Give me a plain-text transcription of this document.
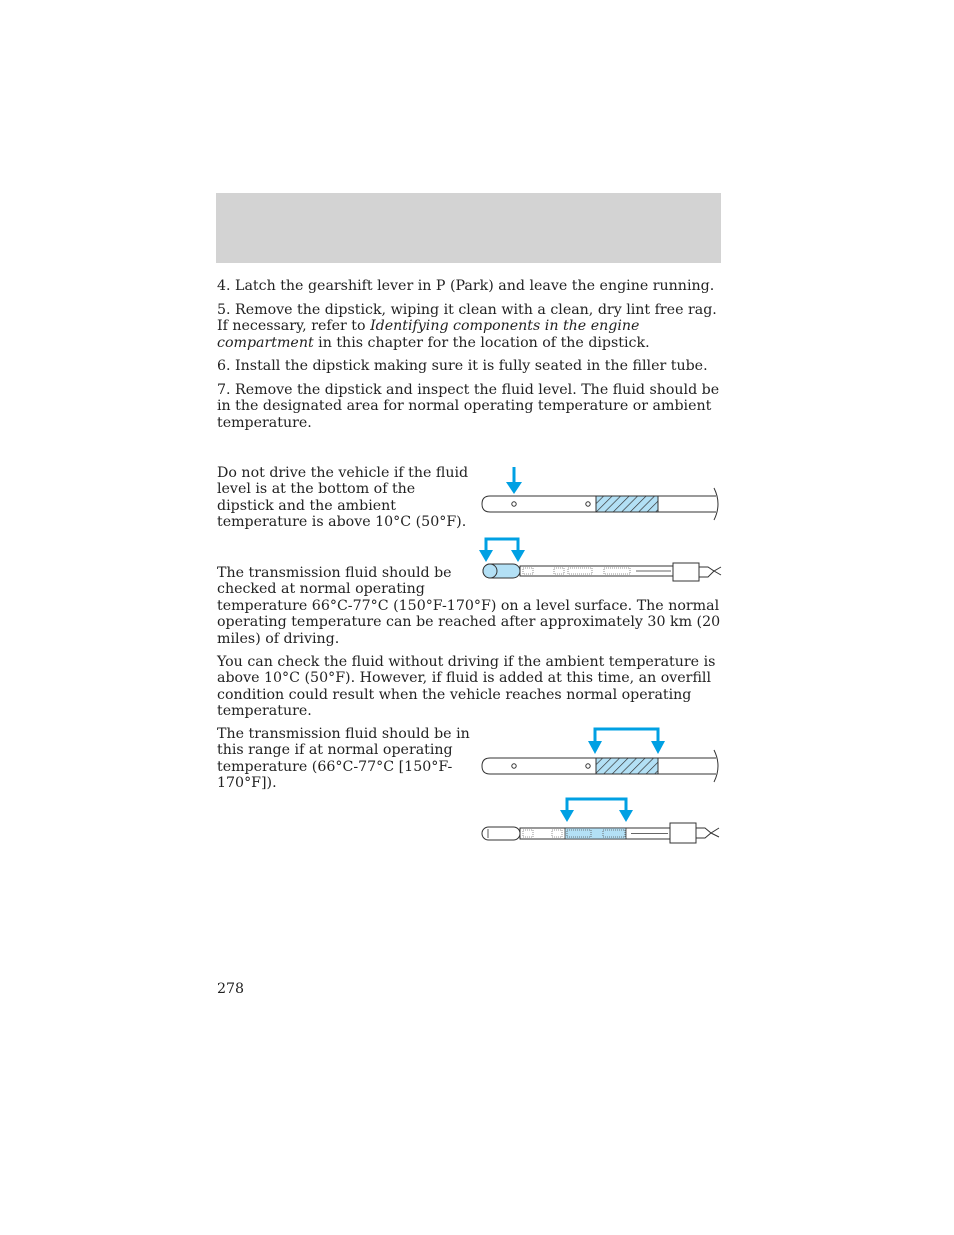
4. Latch the gearshift lever in P (Park) and leave the engine running.

5. Remove the dipstick, wiping it clean with a clean, dry lint free rag. If necessary, refer to Identifying components in the engine compartment in this chapter for the location of the dipstick.

6. Install the dipstick making sure it is fully seated in the filler tube.

7. Remove the dipstick and inspect the fluid level. The fluid should be in the designated area for normal operating temperature or ambient temperature.

Do not drive the vehicle if the fluid level is at the bottom of the dipstick and the ambient temperature is above 10°C (50°F).

The transmission fluid should be checked at normal operating

temperature 66°C-77°C (150°F-170°F) on a level surface. The normal operating temperature can be reached after approximately 30 km (20 miles) of driving.

You can check the fluid without driving if the ambient temperature is above 10°C (50°F). However, if fluid is added at this time, an overfill condition could result when the vehicle reaches normal operating temperature.

The transmission fluid should be in this range if at normal operating temperature (66°C-77°C [150°F-170°F]).

278
